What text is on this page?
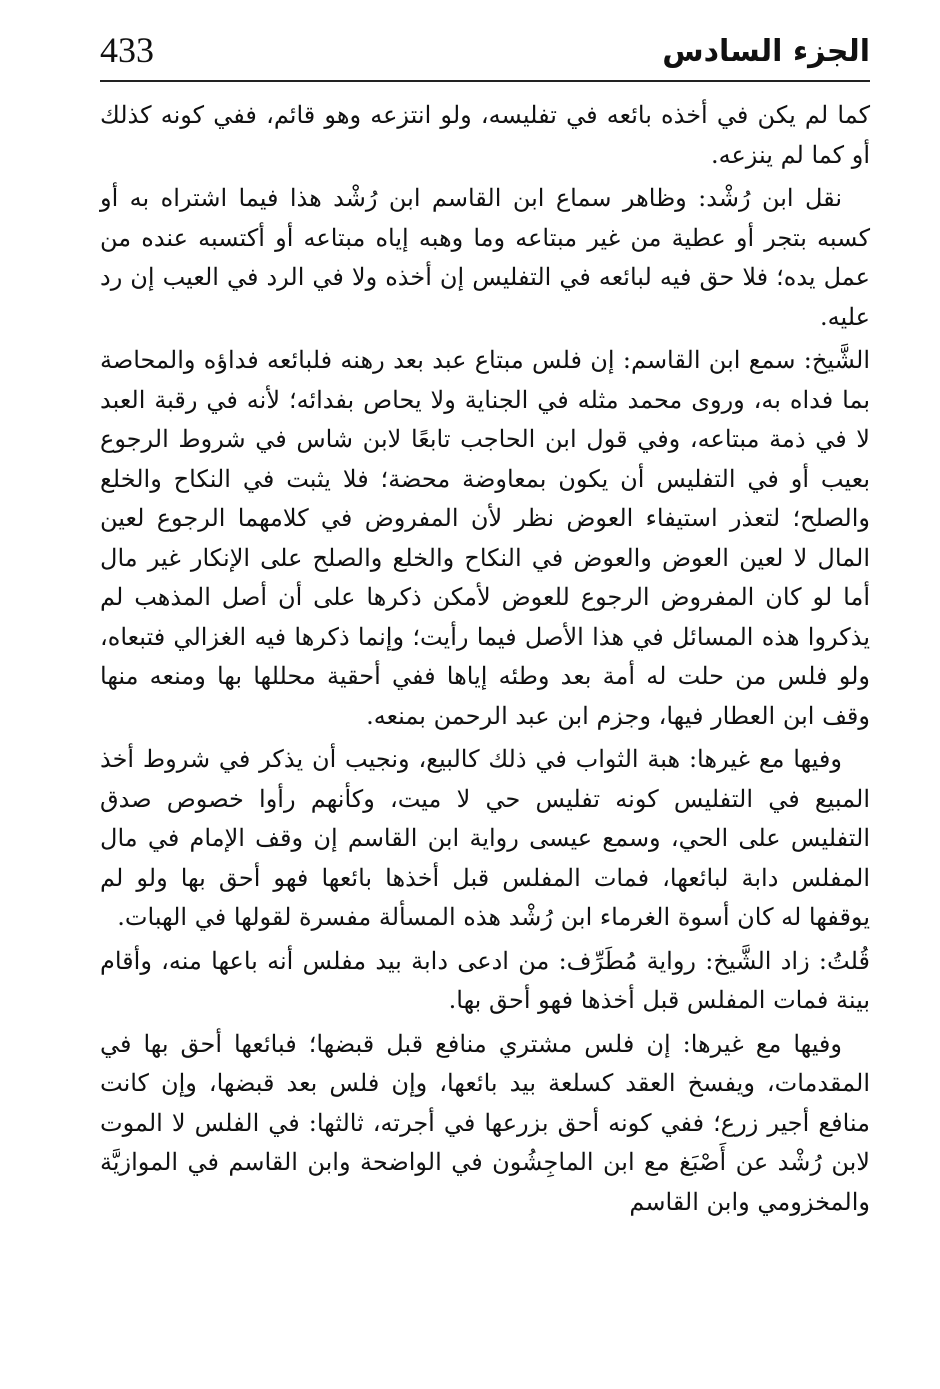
433	الجزء السادس

كما لم يكن في أخذه بائعه في تفليسه، ولو انتزعه وهو قائم، ففي كونه كذلك أو كما لم ينزعه.

نقل ابن رُشْد: وظاهر سماع ابن القاسم ابن رُشْد هذا فيما اشتراه به أو كسبه بتجر أو عطية من غير مبتاعه وما وهبه إياه مبتاعه أو أكتسبه عنده من عمل يده؛ فلا حق فيه لبائعه في التفليس إن أخذه ولا في الرد في العيب إن رد عليه.

الشَّيخ: سمع ابن القاسم: إن فلس مبتاع عبد بعد رهنه فلبائعه فداؤه والمحاصة بما فداه به، وروى محمد مثله في الجناية ولا يحاص بفدائه؛ لأنه في رقبة العبد لا في ذمة مبتاعه، وفي قول ابن الحاجب تابعًا لابن شاس في شروط الرجوع بعيب أو في التفليس أن يكون بمعاوضة محضة؛ فلا يثبت في النكاح والخلع والصلح؛ لتعذر استيفاء العوض نظر لأن المفروض في كلامهما الرجوع لعين المال لا لعين العوض والعوض في النكاح والخلع والصلح على الإنكار غير مال أما لو كان المفروض الرجوع للعوض لأمكن ذكرها على أن أصل المذهب لم يذكروا هذه المسائل في هذا الأصل فيما رأيت؛ وإنما ذكرها فيه الغزالي فتبعاه، ولو فلس من حلت له أمة بعد وطئه إياها ففي أحقية محللها بها ومنعه منها وقف ابن العطار فيها، وجزم ابن عبد الرحمن بمنعه.

وفيها مع غيرها: هبة الثواب في ذلك كالبيع، ونجيب أن يذكر في شروط أخذ المبيع في التفليس كونه تفليس حي لا ميت، وكأنهم رأوا خصوص صدق التفليس على الحي، وسمع عيسى رواية ابن القاسم إن وقف الإمام في مال المفلس دابة لبائعها، فمات المفلس قبل أخذها بائعها فهو أحق بها ولو لم يوقفها له كان أسوة الغرماء ابن رُشْد هذه المسألة مفسرة لقولها في الهبات.

قُلتُ: زاد الشَّيخ: رواية مُطَرِّف: من ادعى دابة بيد مفلس أنه باعها منه، وأقام بينة فمات المفلس قبل أخذها فهو أحق بها.

وفيها مع غيرها: إن فلس مشتري منافع قبل قبضها؛ فبائعها أحق بها في المقدمات، ويفسخ العقد كسلعة بيد بائعها، وإن فلس بعد قبضها، وإن كانت منافع أجير زرع؛ ففي كونه أحق بزرعها في أجرته، ثالثها: في الفلس لا الموت لابن رُشْد عن أَصْبَغ مع ابن الماجِشُون في الواضحة وابن القاسم في الموازيَّة والمخزومي وابن القاسم
